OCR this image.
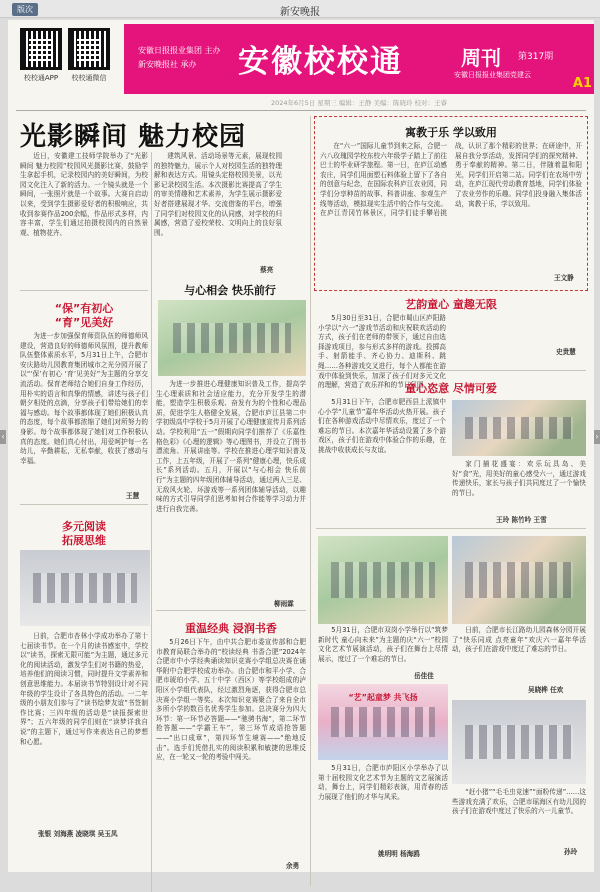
版次	新安晚报
‹	›
校校通APP	校校通微信
安徽日报报业集团 主办
新安晚报社 承办	安徽校校通	周刊 第317期
安徽日报报业集团党建云
A1
2024年6月5日 星期三 编辑：王静 美编：陈晓玲 校对：王睿
光影瞬间 魅力校园

近日，安徽建工技师学院举办了“光影瞬间 魅力校园”校园风光摄影比赛，鼓励学生拿起手机，记录校园内的美好瞬间，为校园文化注入了新的活力。一个镜头就是一个瞬间，一张照片就是一个故事。大赛自启动以来，受到学生摄影爱好者的积极响应，共收到参赛作品200余幅，作品形式多样，内容丰富，学生们通过拍摄校园内的自然景观、植物花卉、

建筑风景、活动场景等元素，展现校园的独特魅力，展示个人对校园生活的独特理解和表达方式。用镜头定格校园美景，以光影记录校园生活。本次摄影比赛提高了学生的审美情趣和艺术素养，为学生展示摄影爱好者搭建展现才华、交流借鉴的平台，增强了同学们对校园文化的认同感，对学校的归属感，营造了爱校荣校、文明向上的良好氛围。

蔡亮
“保”有初心
“育”见美好

为进一步加强保育师资队伍的师德师风建设，营造良好的师德师风氛围，提升教师队伍整体素质水平，5月31日上午，合肥市安庆路幼儿园教育集团城市之光分园开展了以“‘保’有初心 ‘育’见美好”为主题的分享交流活动。保育老师结合她们自身工作经历，用朴实的语言和真挚的情感，讲述与孩子们朝夕相处的点滴，分享孩子们带给她们的幸福与感动。每个故事都体现了她们积极认真的态度，每个故事都浓缩了她们对所努力的身影。每个故事都体现了她们对工作积极认真的态度。她们真心付出，用爱呵护每一名幼儿，辛勤耕耘，无私奉献，收获了感动与幸福。

王慧
多元阅读
拓展思维

日前，合肥市杏林小学成功举办了第十七届读书节。在一个月的读书感室中，学校以“读书，探索无限可能”为主题，通过多元化的阅读活动，激发学生们对书籍的热爱，培养他们的阅读习惯，同时提升文学素养和创意思维能力。本届读书节特别设计对不同年级的学生设计了各具特色的活动。一二年级的小朋友们参与了“读书绘梦友谊”书签制作比赛；三四年级的活动是“读报探索世界”；五六年级的同学们则在“读梦详我自说”的主题下，通过写作来表达自己的梦想和心愿。

张银 刘海燕 凌晓琪 吴玉凤
与心相会 快乐前行

为进一步推进心理健康知识普及工作，提高学生心理素质和社会适应能力，充分开发学生的潜能，塑造学生积极乐观、奋发有为的个性和心理品质，促进学生人格健全发展，合肥市庐江县第二中学初级高中学校于5月开展了心理健康宣传月系列活动。学校利用“五一”假期向同学们推荐了《乐嘉性格色彩》《心理的逻辑》等心理图书，并设立了图书漂流角、开展讲座等。学校在推进心理学知识普及工作，上五年级，开展了一系列“健康心理，快乐成长”系列活动。五月，开展以“与心相会 快乐前行”为主题的四年级团体辅导活动，通过两人三足、无敌风火轮、坏游戏等一系列团体辅导活动，以趣味的方式引导同学们思考如何合作能等学习动力并进行自我完善。

柳雨霖
重温经典 浸润书香

5月26日下午，由中共合肥市委宣传部和合肥市教育局联合举办的“校读经典 书香合肥”2024年合肥市中小学经典诵读知识竞赛小学组总决赛在诵华附中合肥学校成功举办。由合肥市和平小学、合肥市琥珀小学、五十中学（西区）等学校组成的泸阳区小学组代表队，经过激烈角逐，获得合肥市总决赛小学组一等奖。本次知识竞赛聚合了来自全市多所小学的数百名优秀学生参加。总决赛分为四大环节：第一环节必答题——“驰骋书海”，第二环节抢答题——“学霸王车”，第三环节成语抢答题——“出口成章”，第四环节生境赛——“绝地反击”。选手们凭借扎实的阅读积累和敏捷的思维反应，在一轮又一轮的考验中闯关。

余勇
寓教于乐 学以致用

在“六一”国际儿童节到来之际，合肥一六八玫瑰园学校东校六年级学子踏上了前往巴士的毕业研学旅程。第一日，在庐江动感农庄，同学们用面塑石料体验上留下了各自的创意与纪念，在国际农科庐江农业园，同学们分享种苗的故事、科普讲座、参观生产线等活动，模拟现实生活中的合作与交流。在庐江青冈竹林景区，同学们徒手攀岩挑战，认识了那个精彩的世界；在研途中，开展自我分享活动，发挥同学们的探究精神、勇于奉献的精神。第二日，伴随着温和阳光，同学们开启第二站。同学们在农场中劳动，在庐江现代劳动教育基地，同学们体验了农业劳作的乐趣。同学们投身融入集体活动，寓教于乐，学以致用。

王文静
艺韵童心 童趣无限

5月30日至31日，合肥市蜀山区庐阳路小学以“六一”游戏节活动和庆祝联欢活动的方式，孩子们在老师的带领下，通过自由选择游戏项目，参与形式多样的游戏。投掷高手、射箭能手、齐心协力、迪斯科、跳绳……各种游戏交叉进行，每个人都能在游戏中体验到快乐，加深了孩子们对多元文化的理解，营造了欢乐祥和的节日氛围。

史贵慧
童心恣意 尽情可爱

5月31日下午，合肥市肥西县上派镇中心小学“儿童节”嘉年华活动火热开展。孩子们在各种游戏活动中尽情欢乐，度过了一个难忘的节日。本次嘉年华活动设置了多个游戏区，孩子们在游戏中体验合作的乐趣，在挑战中收获成长与友谊。

家门捕花盛宴：欢乐玩具岛、美好“食”光，用美好的童心感受六一，通过游戏传递快乐，家长与孩子们共同度过了一个愉快的节日。

王玲 陈竹吟 王雪

5月31日，合肥市双岗小学举行以“筑梦新时代 童心向未来”为主题的庆“六一”校园文化艺术节展演活动，孩子们在舞台上尽情展示，度过了一个难忘的节日。

岳佳佳

日前，合肥市长江路幼儿园森林分园开展了“快乐同成 点亮童年”欢庆六一嘉年华活动，孩子们在游戏中度过了难忘的节日。

吴晓桦 任欢
“艺”起童梦 共飞扬

5月31日，合肥市庐阳区小学举办了以第十届校园文化艺术节为主题的文艺展演活动，舞台上，同学们精彩表演，用青春的活力展现了他们的才华与风采。

姚明明 杨海鸥

“赶小猪”“毛毛虫竞速”“面粉传递”……这些游戏充满了欢乐，合肥市瑶海区有幼儿园的孩子们在游戏中度过了快乐的六一儿童节。

孙玲
